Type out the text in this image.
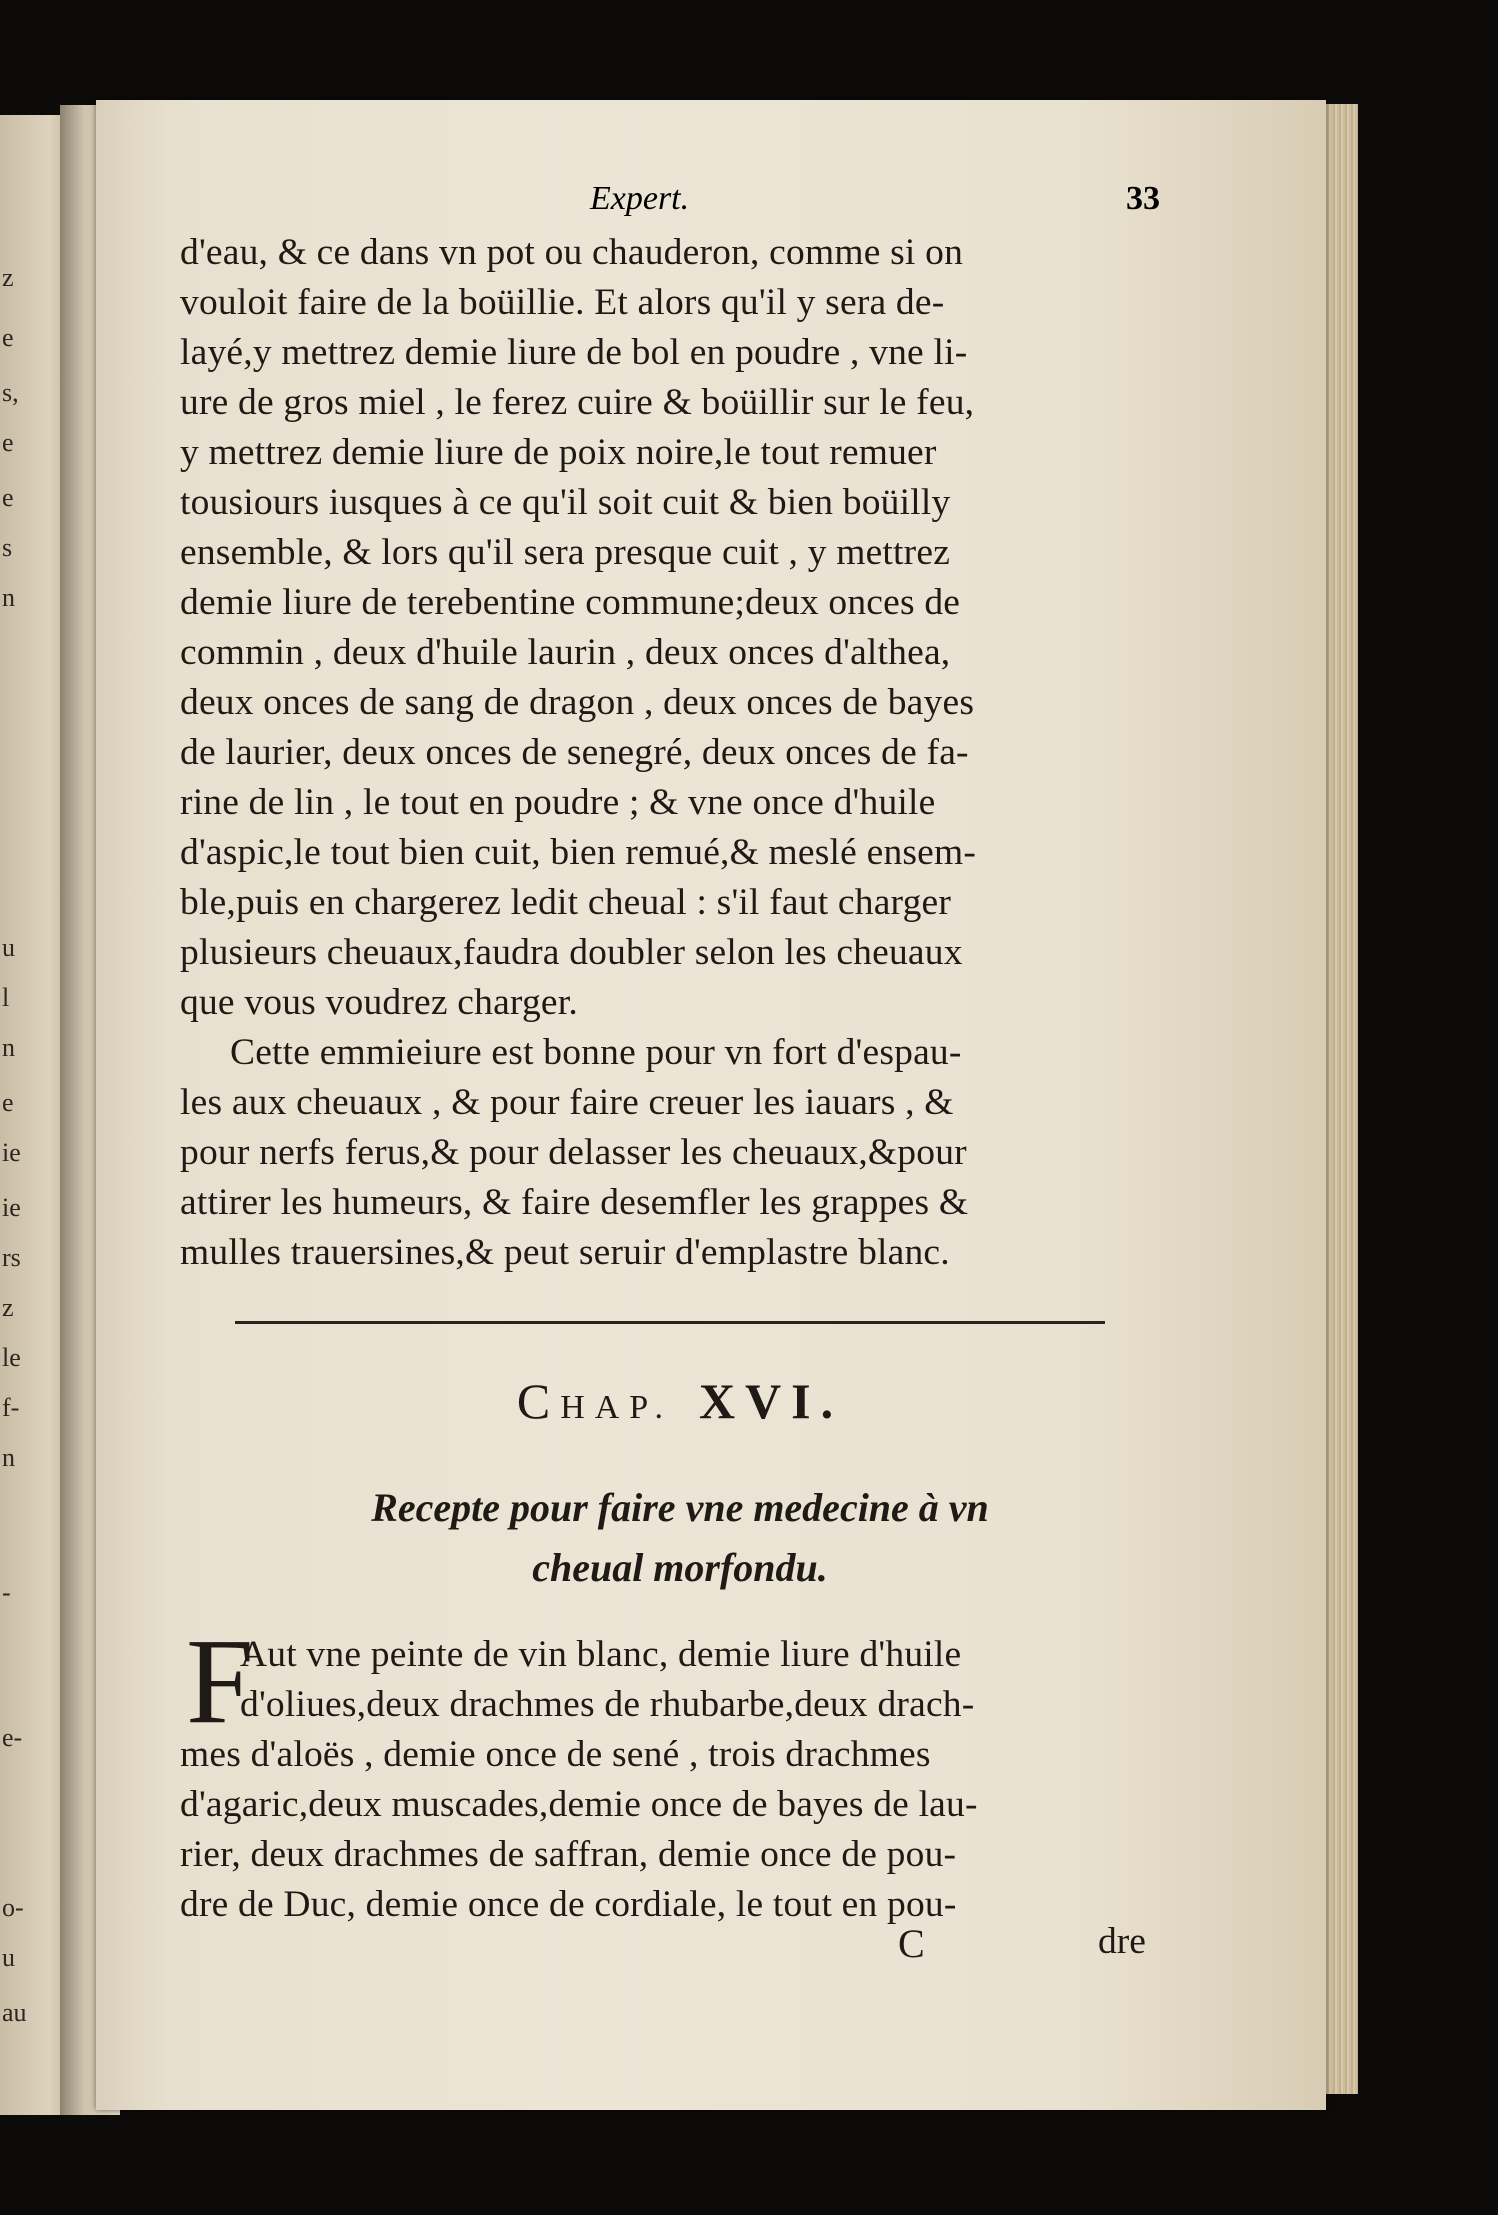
z
e
s,
e
e
s
n
u
l
n
e
ie
ie
rs
z
le
f-
n
-
e-
o-
u
au
Expert.	33
d'eau, & ce dans vn pot ou chauderon, comme si on
vouloit faire de la boüillie. Et alors qu'il y sera de-
layé,y mettrez demie liure de bol en poudre , vne li-
ure de gros miel , le ferez cuire & boüillir sur le feu,
y mettrez demie liure de poix noire,le tout remuer
tousiours iusques à ce qu'il soit cuit & bien boüilly
ensemble, & lors qu'il sera presque cuit , y mettrez
demie liure de terebentine commune;deux onces de
commin , deux d'huile laurin , deux onces d'althea,
deux onces de sang de dragon , deux onces de bayes
de laurier, deux onces de senegré, deux onces de fa-
rine de lin , le tout en poudre ; & vne once d'huile
d'aspic,le tout bien cuit, bien remué,& meslé ensem-
ble,puis en chargerez ledit cheual : s'il faut charger
plusieurs cheuaux,faudra doubler selon les cheuaux
que vous voudrez charger.
Cette emmieiure est bonne pour vn fort d'espau-
les aux cheuaux , & pour faire creuer les iauars , &
pour nerfs ferus,& pour delasser les cheuaux,&pour
attirer les humeurs, & faire desemfler les grappes &
mulles trauersines,& peut seruir d'emplastre blanc.
CHAP. XVI.
Recepte pour faire vne medecine à vn
cheual morfondu.
F
Aut vne peinte de vin blanc, demie liure d'huile
d'oliues,deux drachmes de rhubarbe,deux drach-
mes d'aloës , demie once de sené , trois drachmes
d'agaric,deux muscades,demie once de bayes de lau-
rier, deux drachmes de saffran, demie once de pou-
dre de Duc, demie once de cordiale, le tout en pou-
C	dre
